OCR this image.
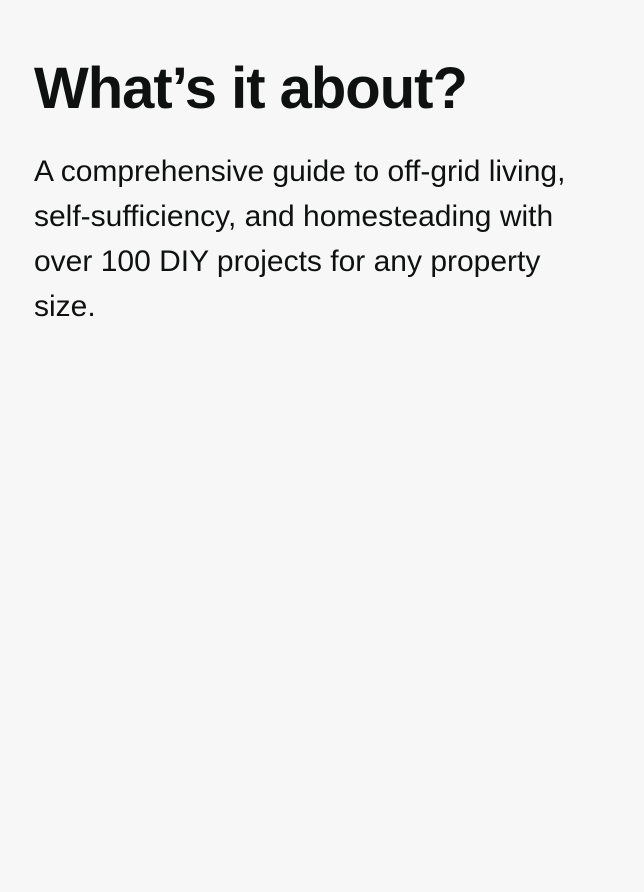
What’s it about?

A comprehensive guide to off-grid living, self-sufficiency, and homesteading with over 100 DIY projects for any property size.
